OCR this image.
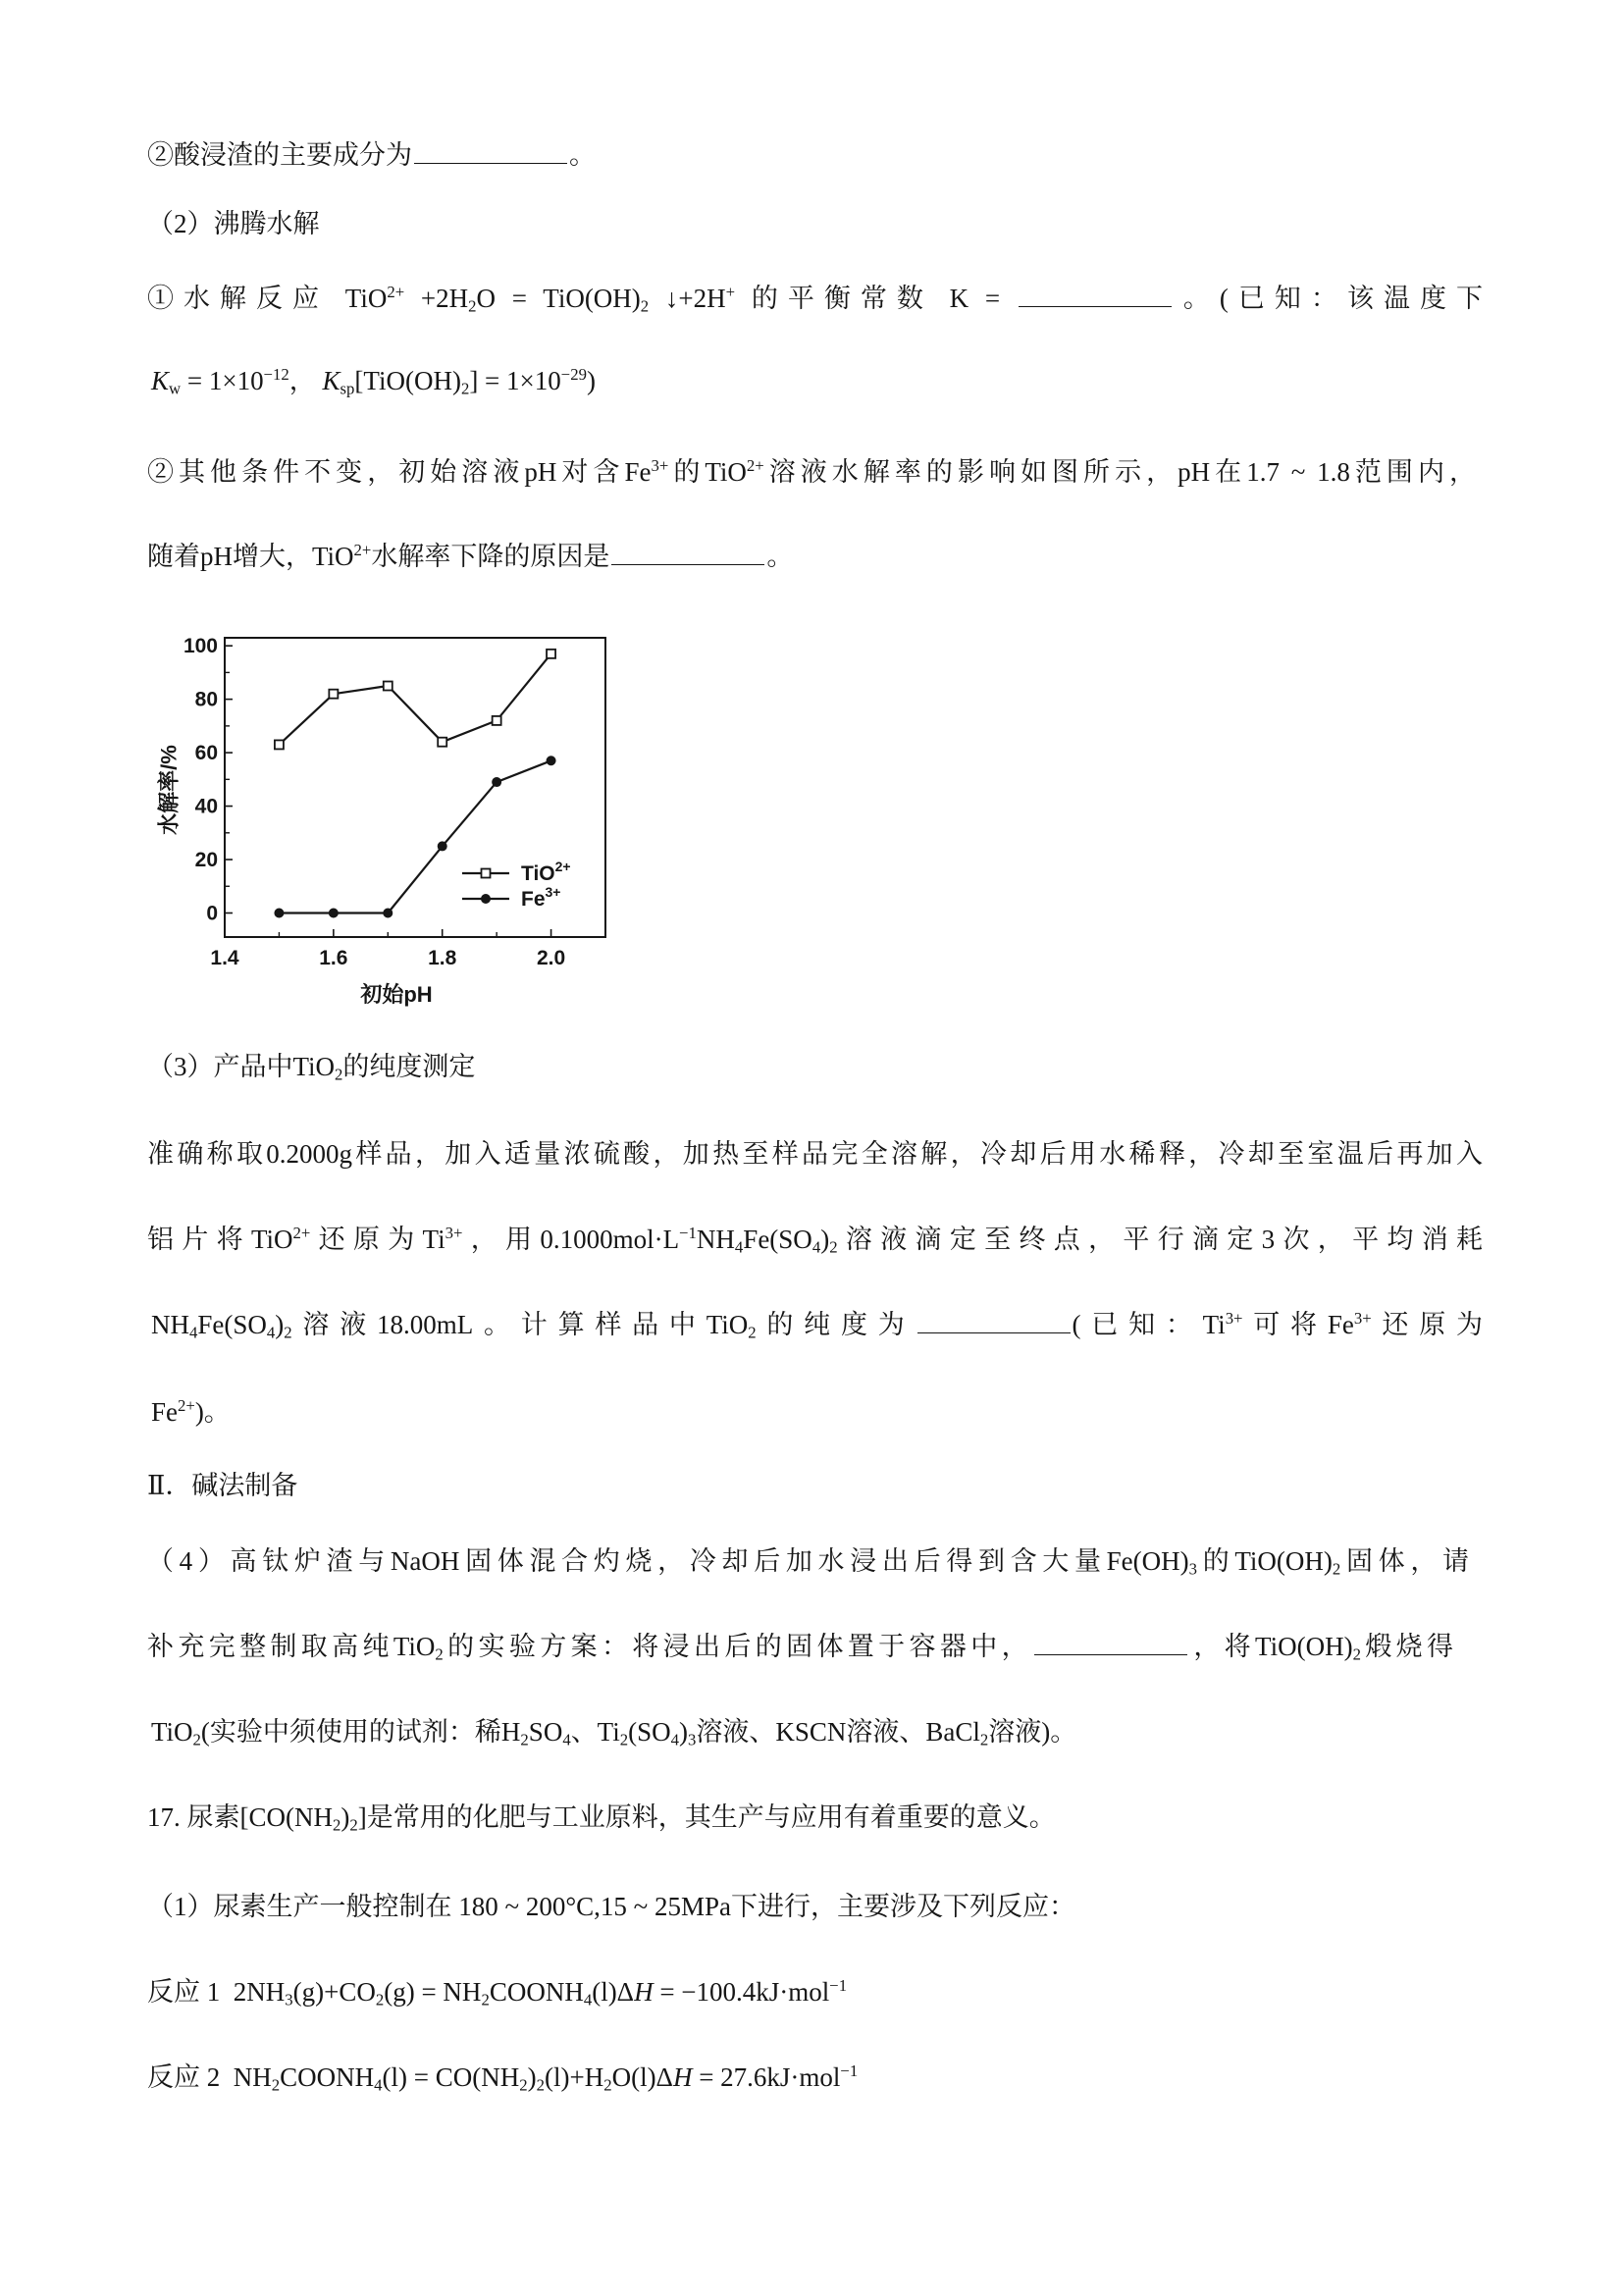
②酸浸渣的主要成分为	。
（2）沸腾水解
①水解反应 $TiO^{2+} +2H_2O = TiO(OH)_2$ ↓+2H+ 的平衡常数 K =	。(已知：该温度下
$K_w = 1\times 10^{-12}$， $K_{sp}[TiO(OH)_2] = 1\times 10^{-29}$)
②其他条件不变，初始溶液pH对含$Fe^{3+}$的TiO$^{2+}$溶液水解率的影响如图所示，pH在1.7 ~ 1.8范围内，
随着pH增大，TiO$^{2+}$水解率下降的原因是	。
1.4	1.6	1.8	2.0
0
20
40
60
80
100
初始pH
水解率/%
TiO$^{2+}$
$Fe^{3+}$
（3）产品中TiO$_2$的纯度测定
准确称取0.2000g样品，加入适量浓硫酸，加热至样品完全溶解，冷却后用水稀释，冷却至室温后再加入
铝片将TiO$^{2+}$还原为$Ti^{3+}$，用$0.1000mol\cdot L^{-1}NH_4Fe(SO_4)_2$溶液滴定至终点，平行滴定3次，平均消耗
$NH_4Fe(SO_4)_2$溶液18.00mL。计算样品中TiO$_2$的纯度为	(已知：$Ti^{3+}$可将$Fe^{3+}$还原为
$Fe^{2+}$)。
Ⅱ．碱法制备
（4）高钛炉渣与NaOH固体混合灼烧，冷却后加水浸出后得到含大量$Fe(OH)_3$的$TiO(OH)_2$固体，请
补充完整制取高纯TiO$_2$的实验方案：将浸出后的固体置于容器中，	，将$TiO(OH)_2$煅烧得
TiO$_2$(实验中须使用的试剂：稀$H_2SO_4$、$Ti_2(SO_4)_3$溶液、KSCN溶液、BaCl$_2$溶液)。
17. 尿素$[CO(NH_2)_2]$是常用的化肥与工业原料，其生产与应用有着重要的意义。
（1）尿素生产一般控制在 180 ~ 200°C,15 ~ 25MPa下进行，主要涉及下列反应：
反应 1  $2NH_3(g)+CO_2(g)$ = $NH_2COONH_4(l)\Delta H = -100.4kJ\cdot mol^{-1}$
反应 2  $NH_2COONH_4(l) = CO(NH_2)_2(l)+H_2O(l)\Delta H = 27.6kJ\cdot mol^{-1}$
